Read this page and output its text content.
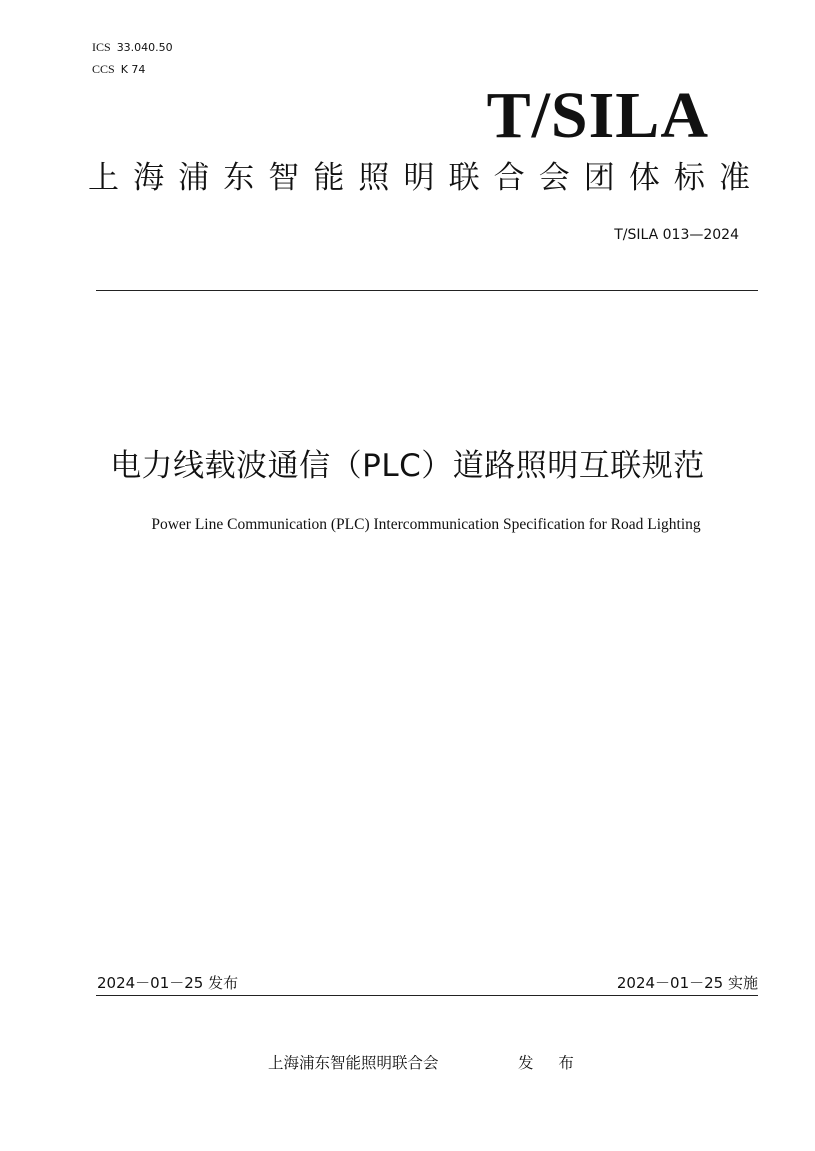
ICS 33.040.50
CCS K 74
T/SILA
上 海 浦 东 智 能 照 明 联 合 会 团 体 标 准
T/SILA 013—2024
电力线载波通信（PLC）道路照明互联规范
Power Line Communication (PLC) Intercommunication Specification for Road Lighting
2024－01－25 发布	2024－01－25 实施
上海浦东智能照明联合会	发 布
